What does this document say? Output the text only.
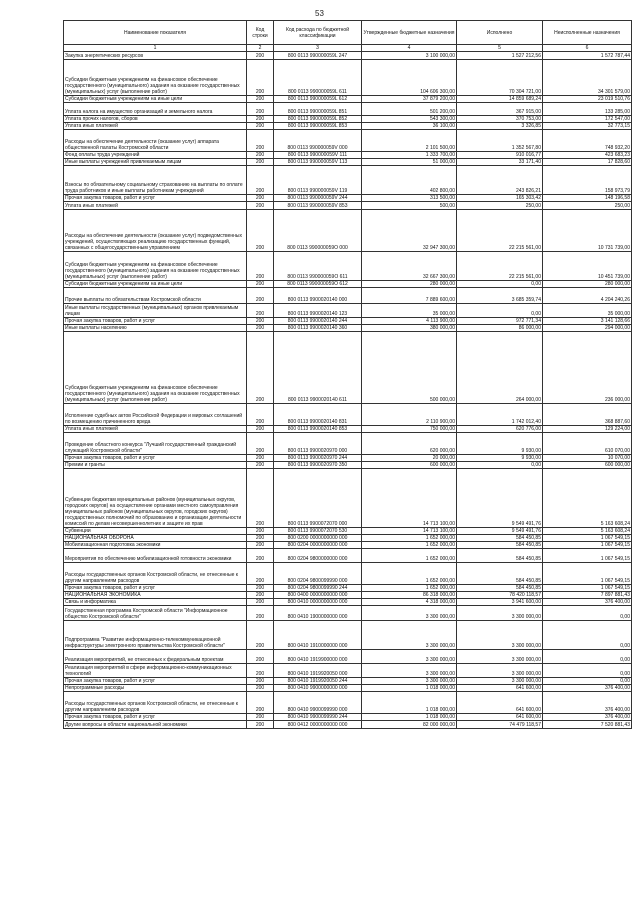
53
Наименование показателя	Код строки	Код расхода по бюджетной классификации	Утвержденные бюджетные назначения	Исполнено	Неисполненные назначения
1	2	3	4	5	6
Закупка энергетических ресурсов	200	800 0113 990000059L 247	3 100 000,00	1 527 212,56	1 572 787,44
Субсидии бюджетным учреждениям на финансовое обеспечение государственного (муниципального) задания на оказание государственных (муниципальных) услуг (выполнение работ)	200	800 0113 990000059L 611	104 606 300,00	70 304 721,00	34 301 579,00
Субсидии бюджетным учреждениям на иные цели	200	800 0113 990000059L 612	37 879 200,00	14 859 689,24	23 019 510,76
Уплата налога на имущество организаций и земельного налога	200	800 0113 990000059L 851	501 200,00	367 915,00	133 285,00
Уплата прочих налогов, сборов	200	800 0113 990000059L 852	543 300,00	370 753,00	172 547,00
Уплата иных платежей	200	800 0113 990000059L 853	36 100,00	3 326,85	32 773,15
Расходы на обеспечение деятельности (оказание услуг) аппарата общественной палаты Костромской области	200	800 0113 990000059V 000	2 101 500,00	1 352 567,80	748 932,20
Фонд оплаты труда учреждений	200	800 0113 990000059V 111	1 333 700,00	910 016,77	423 683,23
Иные выплаты учреждений привлекаемым лицам	200	800 0113 990000059V 113	51 000,00	33 171,40	17 828,60
Взносы по обязательному социальному страхованию на выплаты по оплате труда работников и иные выплаты работникам учреждений	200	800 0113 990000059V 119	402 800,00	243 826,21	158 973,79
Прочая закупка товаров, работ и услуг	200	800 0113 990000059V 244	313 500,00	165 303,42	148 196,58
Уплата иных платежей	200	800 0113 990000059V 853	500,00	250,00	250,00
Расходы на обеспечение деятельности (оказание услуг) подведомственных учреждений, осуществляющих реализацию государственных функций, связанных с общегосударственным управлением	200	800 0113 990000059O 000	32 947 300,00	22 215 561,00	10 731 739,00
Субсидии бюджетным учреждениям на финансовое обеспечение государственного (муниципального) задания на оказание государственных (муниципальных) услуг (выполнение работ)	200	800 0113 990000059O 611	32 667 300,00	22 215 561,00	10 451 739,00
Субсидии бюджетным учреждениям на иные цели	200	800 0113 990000059O 612	280 000,00	0,00	280 000,00
Прочие выплаты по обязательствам Костромской области	200	800 0113 9900020140 000	7 889 600,00	3 685 359,74	4 204 240,26
Иные выплаты государственных (муниципальных) органов привлекаемым лицам	200	800 0113 9900020140 123	35 000,00	0,00	35 000,00
Прочая закупка товаров, работ и услуг	200	800 0113 9900020140 244	4 113 900,00	972 771,34	3 141 128,66
Иные выплаты населению	200	800 0113 9900020140 360	380 000,00	86 000,00	294 000,00
Субсидии бюджетным учреждениям на финансовое обеспечение государственного (муниципального) задания на оказание государственных (муниципальных) услуг (выполнение работ)	200	800 0113 9900020140 611	500 000,00	264 000,00	236 000,00
Исполнение судебных актов Российской Федерации и мировых соглашений по возмещению причиненного вреда	200	800 0113 9900020140 831	2 110 900,00	1 742 012,40	368 887,60
Уплата иных платежей	200	800 0113 9900020140 853	750 000,00	620 776,00	129 224,00
Проведение областного конкурса "Лучший государственный гражданский служащий Костромской области"	200	800 0113 9900020970 000	620 000,00	9 930,00	610 070,00
Прочая закупка товаров, работ и услуг	200	800 0113 9900020970 244	20 000,00	9 930,00	10 070,00
Премии и гранты	200	800 0113 9900020970 350	600 000,00	0,00	600 000,00
Субвенции бюджетам муниципальных районов (муниципальных округов, городских округов) на осуществление органами местного самоуправления муниципальных районов (муниципальных округов, городских округов) государственных полномочий по образованию и организации деятельности комиссий по делам несовершеннолетних и защите их прав	200	800 0113 9900072070 000	14 713 100,00	9 549 491,76	5 163 608,24
Субвенции	200	800 0113 9900072070 530	14 713 100,00	9 549 491,76	5 163 608,24
НАЦИОНАЛЬНАЯ ОБОРОНА	200	800 0200 0000000000 000	1 652 000,00	584 450,85	1 067 549,15
Мобилизационная подготовка экономики	200	800 0204 0000000000 000	1 652 000,00	584 450,85	1 067 549,15
Мероприятия по обеспечению мобилизационной готовности экономики	200	800 0204 9800000000 000	1 652 000,00	584 450,85	1 067 549,15
Расходы государственных органов Костромской области, не отнесенные к другим направлениям расходов	200	800 0204 9800099990 000	1 652 000,00	584 450,85	1 067 549,15
Прочая закупка товаров, работ и услуг	200	800 0204 9800099990 244	1 652 000,00	584 450,85	1 067 549,15
НАЦИОНАЛЬНАЯ ЭКОНОМИКА	200	800 0400 0000000000 000	86 318 000,00	78 420 118,57	7 897 881,43
Связь и информатика	200	800 0410 0000000000 000	4 318 000,00	3 941 600,00	376 400,00
Государственная программа Костромской области "Информационное общество Костромской области"	200	800 0410 1900000000 000	3 300 000,00	3 300 000,00	0,00
Подпрограмма "Развитие информационно-телекоммуникационной инфраструктуры электронного правительства Костромской области"	200	800 0410 1910000000 000	3 300 000,00	3 300 000,00	0,00
Реализация мероприятий, не отнесенных к федеральным проектам	200	800 0410 1919900000 000	3 300 000,00	3 300 000,00	0,00
Реализация мероприятий в сфере информационно-коммуникационных технологий	200	800 0410 1919920050 000	3 300 000,00	3 300 000,00	0,00
Прочая закупка товаров, работ и услуг	200	800 0410 1919920050 244	3 300 000,00	3 300 000,00	0,00
Непрограммные расходы	200	800 0410 9900000000 000	1 018 000,00	641 600,00	376 400,00
Расходы государственных органов Костромской области, не отнесенные к другим направлениям расходов	200	800 0410 9900099990 000	1 018 000,00	641 600,00	376 400,00
Прочая закупка товаров, работ и услуг	200	800 0410 9900099990 244	1 018 000,00	641 600,00	376 400,00
Другие вопросы в области национальной экономики	200	800 0412 0000000000 000	82 000 000,00	74 479 118,57	7 520 881,43
